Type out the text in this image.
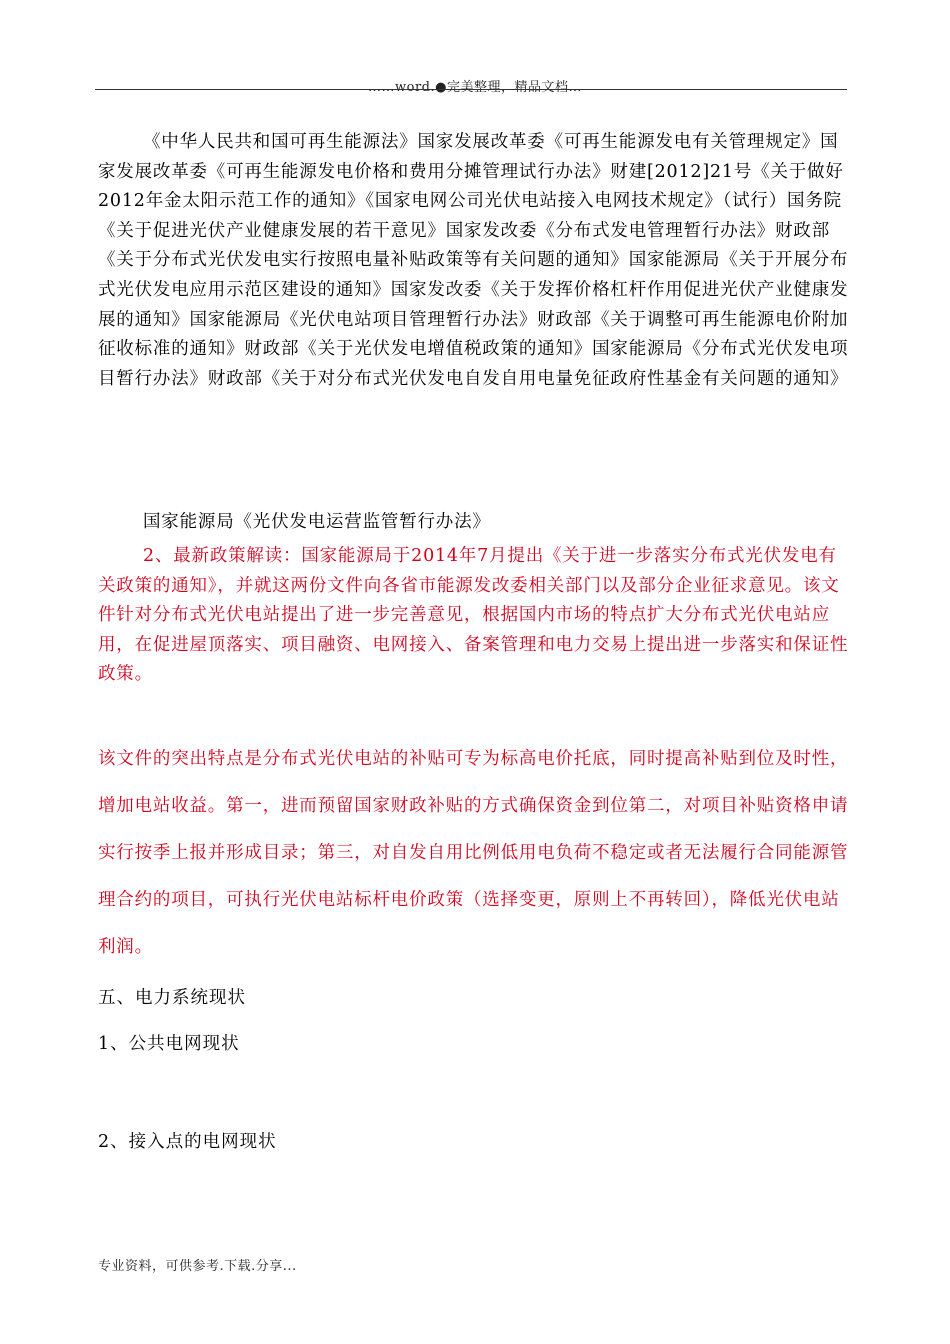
……word.●完美整理，精品文档…

《中华人民共和国可再生能源法》国家发展改革委《可再生能源发电有关管理规定》国家发展改革委《可再生能源发电价格和费用分摊管理试行办法》财建[2012]21号《关于做好2012年金太阳示范工作的通知》《国家电网公司光伏电站接入电网技术规定》（试行）国务院《关于促进光伏产业健康发展的若干意见》国家发改委《分布式发电管理暂行办法》财政部《关于分布式光伏发电实行按照电量补贴政策等有关问题的通知》国家能源局《关于开展分布式光伏发电应用示范区建设的通知》国家发改委《关于发挥价格杠杆作用促进光伏产业健康发展的通知》国家能源局《光伏电站项目管理暂行办法》财政部《关于调整可再生能源电价附加征收标准的通知》财政部《关于光伏发电增值税政策的通知》国家能源局《分布式光伏发电项目暂行办法》财政部《关于对分布式光伏发电自发自用电量免征政府性基金有关问题的通知》

国家能源局《光伏发电运营监管暂行办法》

2、最新政策解读：国家能源局于2014年7月提出《关于进一步落实分布式光伏发电有关政策的通知》，并就这两份文件向各省市能源发改委相关部门以及部分企业征求意见。该文件针对分布式光伏电站提出了进一步完善意见，根据国内市场的特点扩大分布式光伏电站应用，在促进屋顶落实、项目融资、电网接入、备案管理和电力交易上提出进一步落实和保证性政策。

该文件的突出特点是分布式光伏电站的补贴可专为标高电价托底，同时提高补贴到位及时性，增加电站收益。第一，进而预留国家财政补贴的方式确保资金到位第二，对项目补贴资格申请实行按季上报并形成目录；第三，对自发自用比例低用电负荷不稳定或者无法履行合同能源管理合约的项目，可执行光伏电站标杆电价政策（选择变更，原则上不再转回），降低光伏电站利润。

五、电力系统现状

1、公共电网现状

2、接入点的电网现状

专业资料，可供参考.下载.分享...
